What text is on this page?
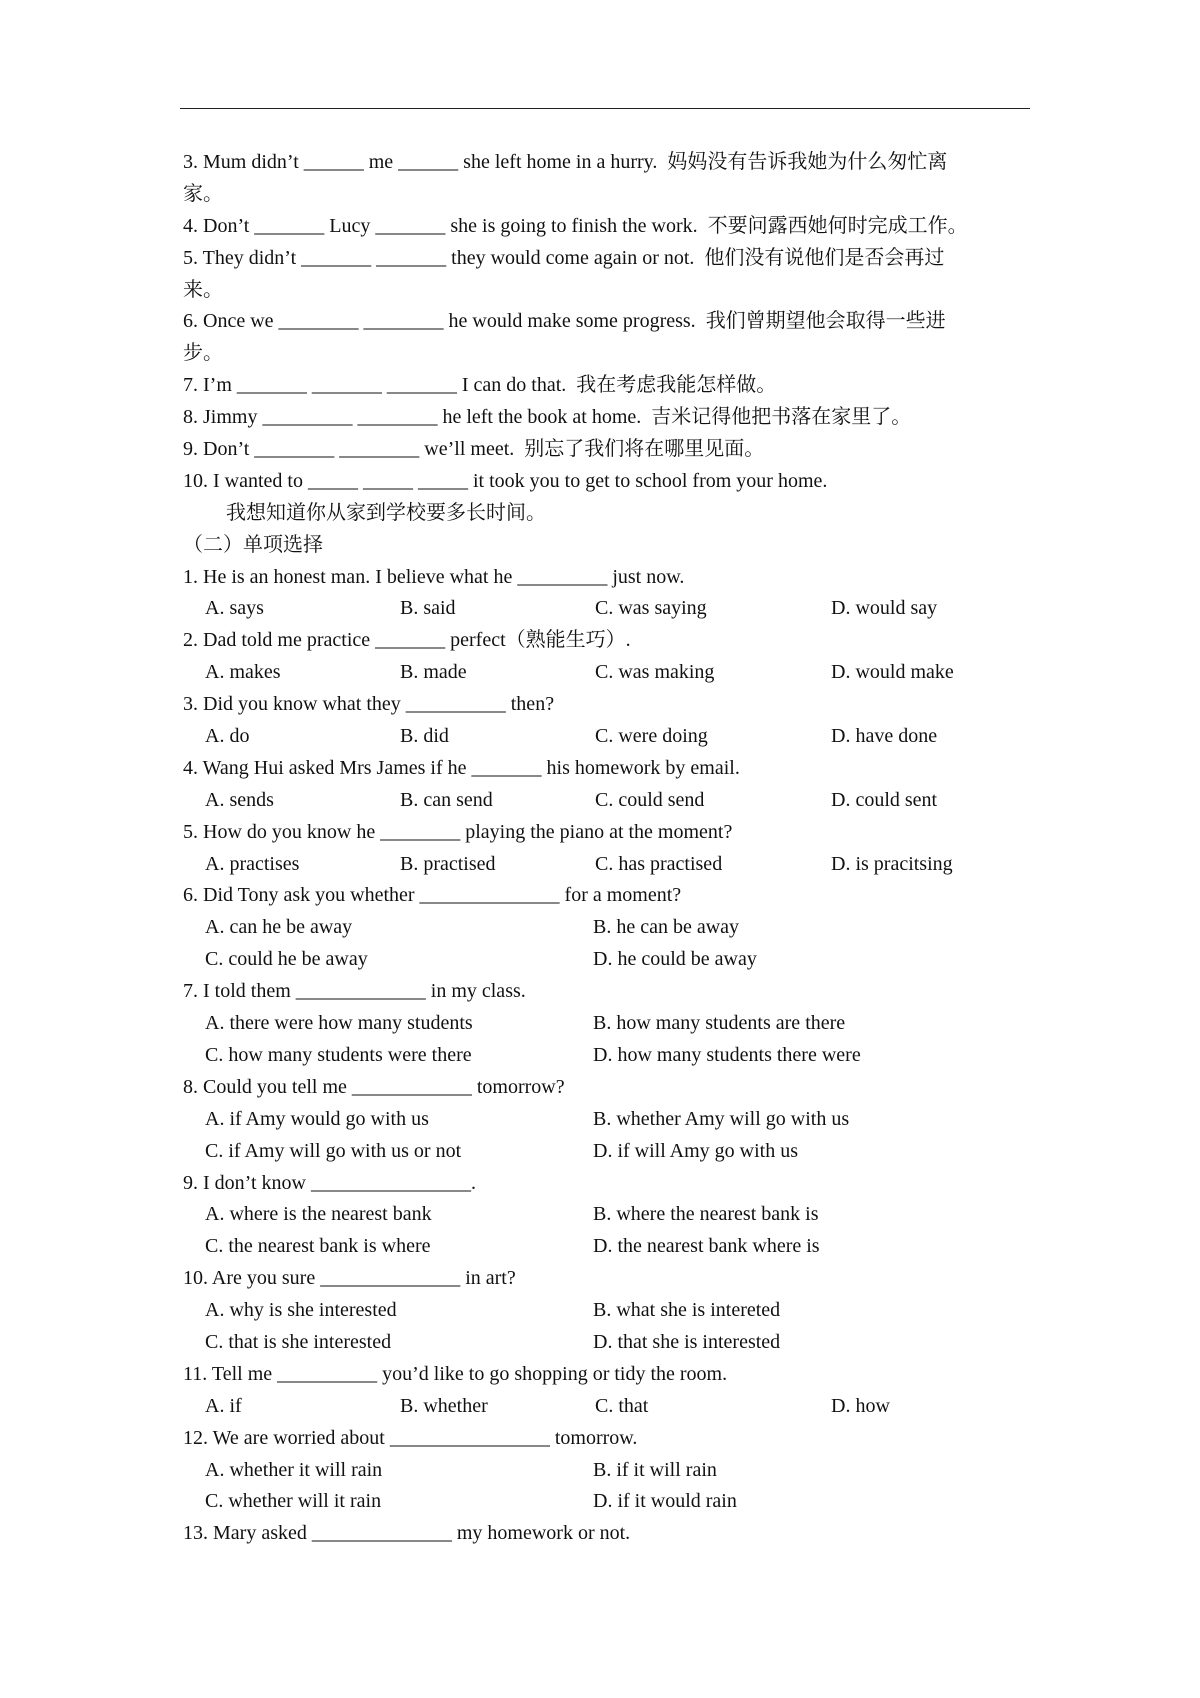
3. Mum didn’t ______ me ______ she left home in a hurry. 妈妈没有告诉我她为什么匆忙离
家。
4. Don’t _______ Lucy _______ she is going to finish the work. 不要问露西她何时完成工作。
5. They didn’t _______ _______ they would come again or not. 他们没有说他们是否会再过
来。
6. Once we ________ ________ he would make some progress. 我们曾期望他会取得一些进
步。
7. I’m _______ _______ _______ I can do that. 我在考虑我能怎样做。
8. Jimmy _________ ________ he left the book at home. 吉米记得他把书落在家里了。
9. Don’t ________ ________ we’ll meet. 别忘了我们将在哪里见面。
10. I wanted to _____ _____ _____ it took you to get to school from your home.
我想知道你从家到学校要多长时间。
（二）单项选择
1. He is an honest man. I believe what he _________ just now.
A. says	B. said	C. was saying	D. would say
2. Dad told me practice _______ perfect（熟能生巧）.
A. makes	B. made	C. was making	D. would make
3. Did you know what they __________ then?
A. do	B. did	C. were doing	D. have done
4. Wang Hui asked Mrs James if he _______ his homework by email.
A. sends	B. can send	C. could send	D. could sent
5. How do you know he ________ playing the piano at the moment?
A. practises	B. practised	C. has practised	D. is pracitsing
6. Did Tony ask you whether ______________ for a moment?
A. can he be away	B. he can be away
C. could he be away	D. he could be away
7. I told them _____________ in my class.
A. there were how many students	B. how many students are there
C. how many students were there	D. how many students there were
8. Could you tell me ____________ tomorrow?
A. if Amy would go with us	B. whether Amy will go with us
C. if Amy will go with us or not	D. if will Amy go with us
9. I don’t know ________________.
A. where is the nearest bank	B. where the nearest bank is
C. the nearest bank is where	D. the nearest bank where is
10. Are you sure ______________ in art?
A. why is she interested	B. what she is intereted
C. that is she interested	D. that she is interested
11. Tell me __________ you’d like to go shopping or tidy the room.
A. if	B. whether	C. that	D. how
12. We are worried about ________________ tomorrow.
A. whether it will rain	B. if it will rain
C. whether will it rain	D. if it would rain
13. Mary asked ______________ my homework or not.
